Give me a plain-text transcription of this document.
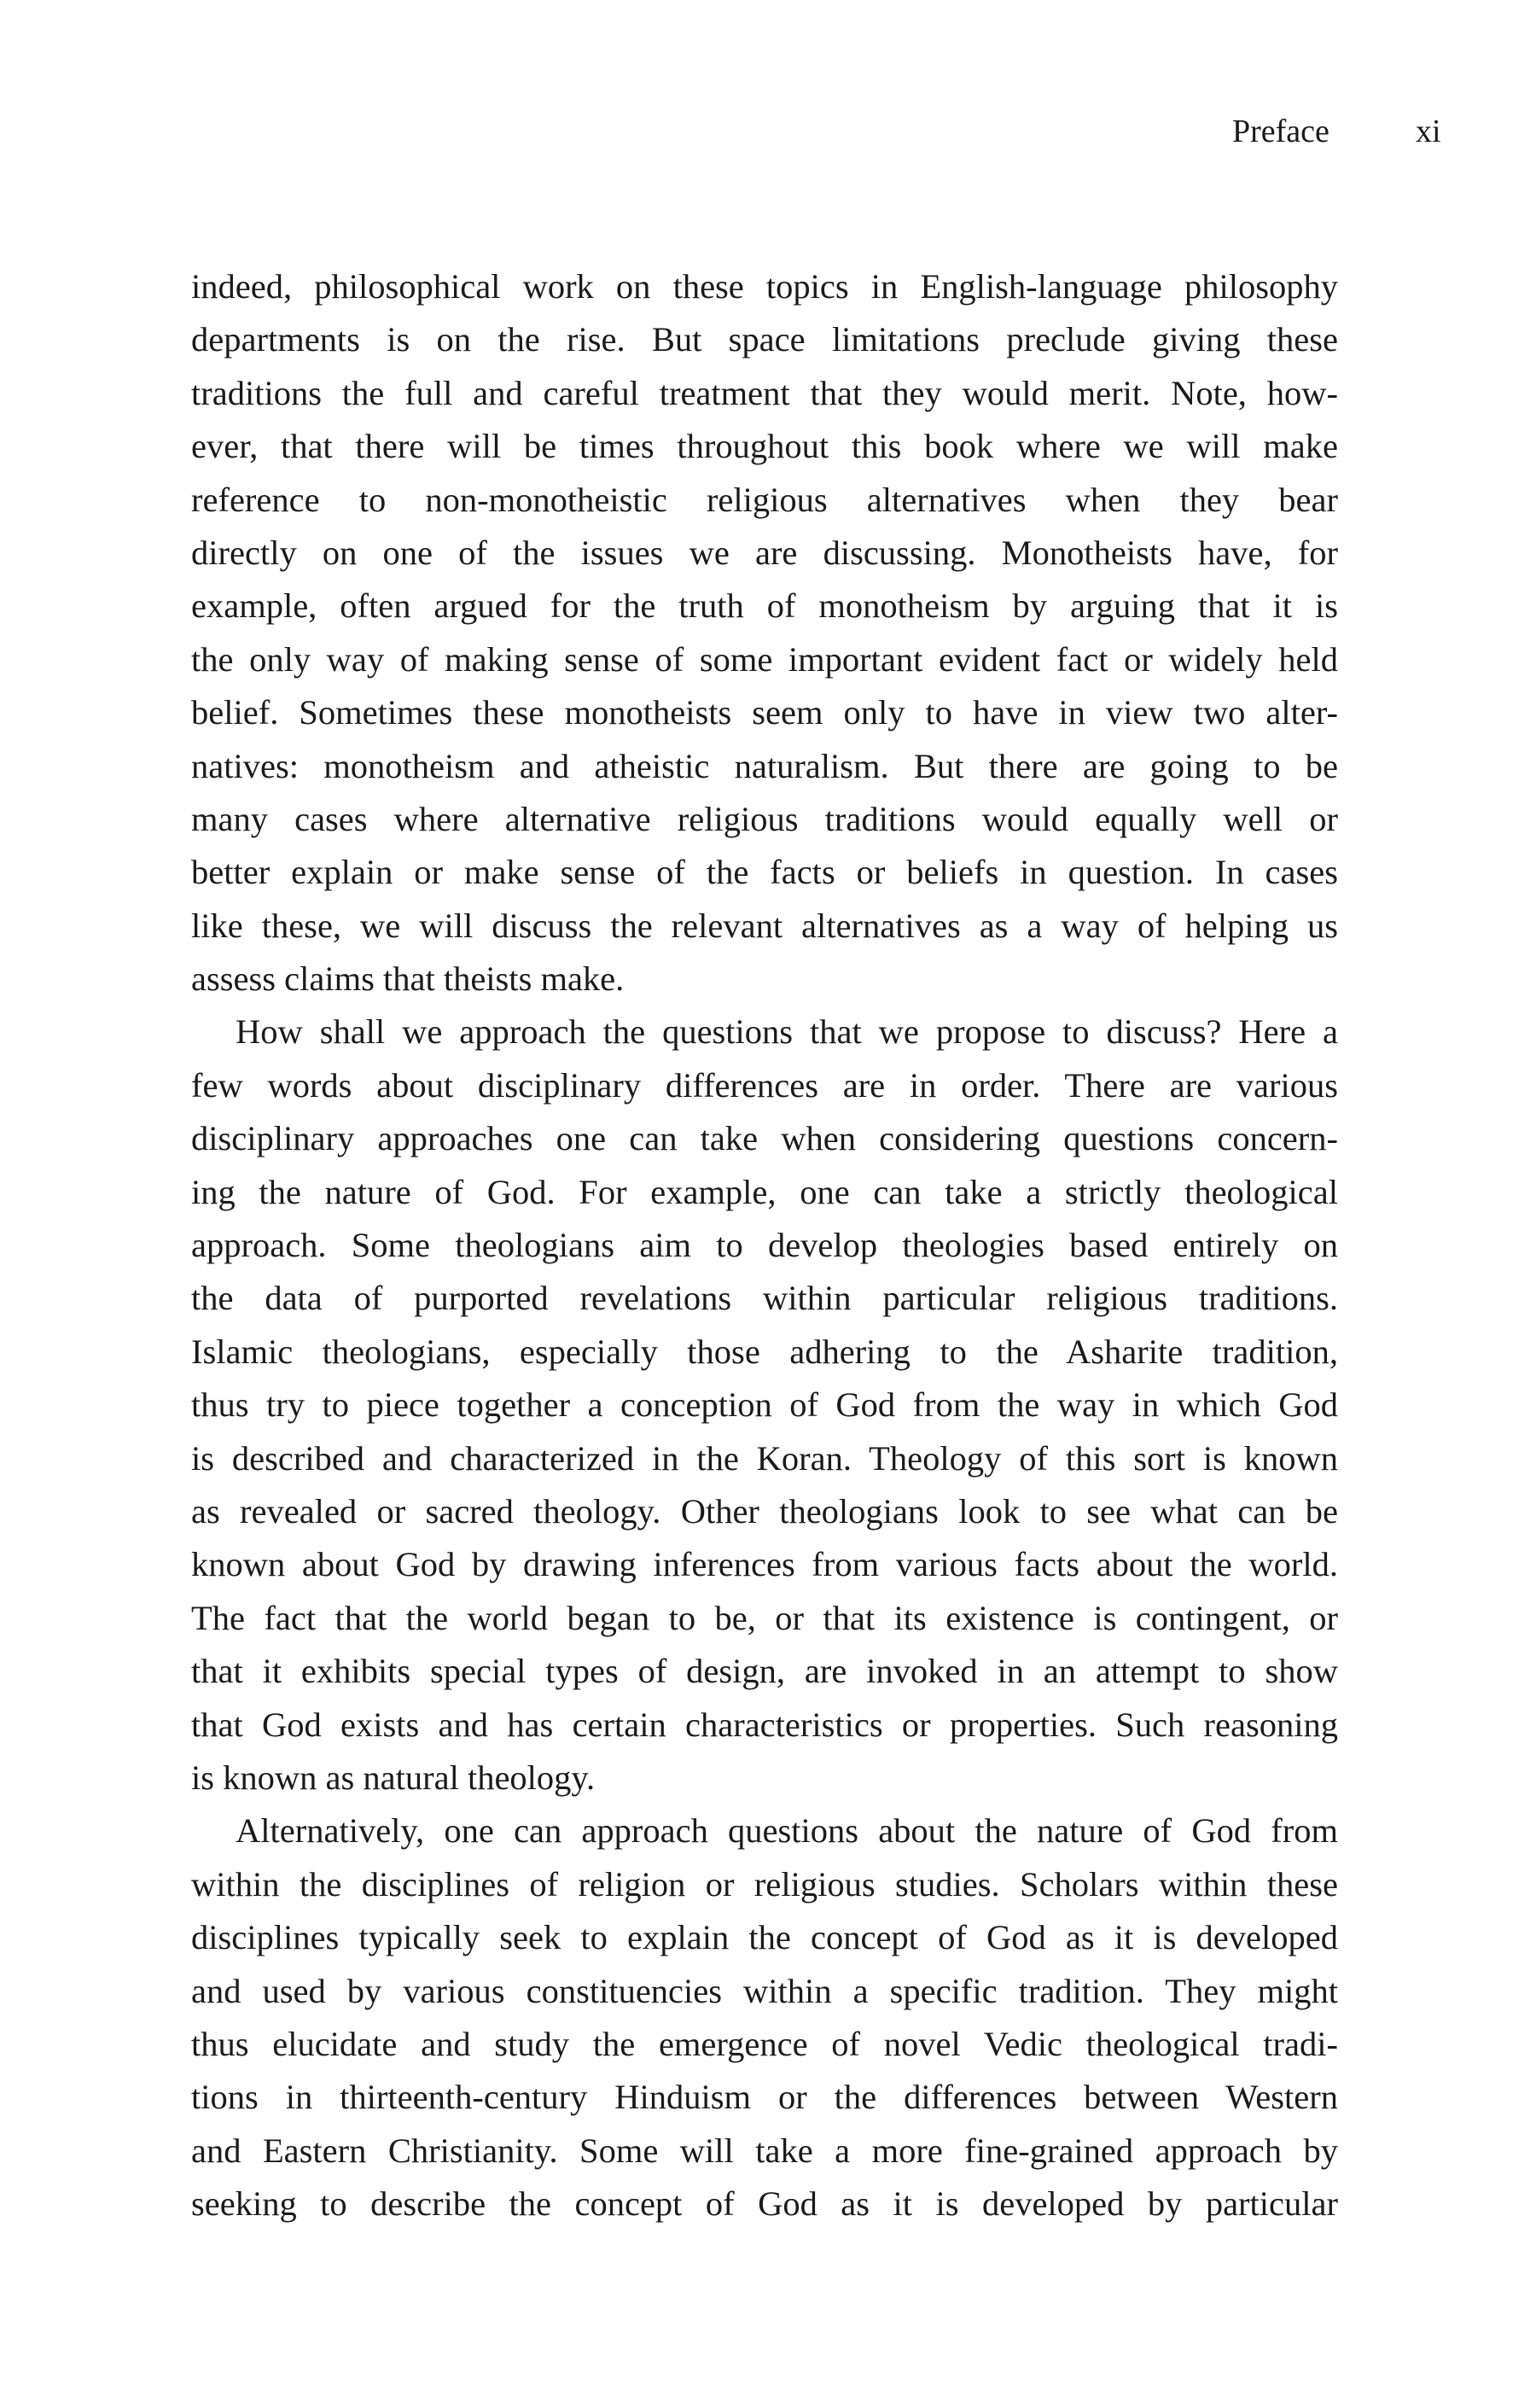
Preface	xi

indeed, philosophical work on these topics in English-language philosophy
departments is on the rise. But space limitations preclude giving these
traditions the full and careful treatment that they would merit. Note, how-
ever, that there will be times throughout this book where we will make
reference to non-monotheistic religious alternatives when they bear
directly on one of the issues we are discussing. Monotheists have, for
example, often argued for the truth of monotheism by arguing that it is
the only way of making sense of some important evident fact or widely held
belief. Sometimes these monotheists seem only to have in view two alter-
natives: monotheism and atheistic naturalism. But there are going to be
many cases where alternative religious traditions would equally well or
better explain or make sense of the facts or beliefs in question. In cases
like these, we will discuss the relevant alternatives as a way of helping us
assess claims that theists make.

How shall we approach the questions that we propose to discuss? Here a
few words about disciplinary differences are in order. There are various
disciplinary approaches one can take when considering questions concern-
ing the nature of God. For example, one can take a strictly theological
approach. Some theologians aim to develop theologies based entirely on
the data of purported revelations within particular religious traditions.
Islamic theologians, especially those adhering to the Asharite tradition,
thus try to piece together a conception of God from the way in which God
is described and characterized in the Koran. Theology of this sort is known
as revealed or sacred theology. Other theologians look to see what can be
known about God by drawing inferences from various facts about the world.
The fact that the world began to be, or that its existence is contingent, or
that it exhibits special types of design, are invoked in an attempt to show
that God exists and has certain characteristics or properties. Such reasoning
is known as natural theology.

Alternatively, one can approach questions about the nature of God from
within the disciplines of religion or religious studies. Scholars within these
disciplines typically seek to explain the concept of God as it is developed
and used by various constituencies within a specific tradition. They might
thus elucidate and study the emergence of novel Vedic theological tradi-
tions in thirteenth-century Hinduism or the differences between Western
and Eastern Christianity. Some will take a more fine-grained approach by
seeking to describe the concept of God as it is developed by particular
